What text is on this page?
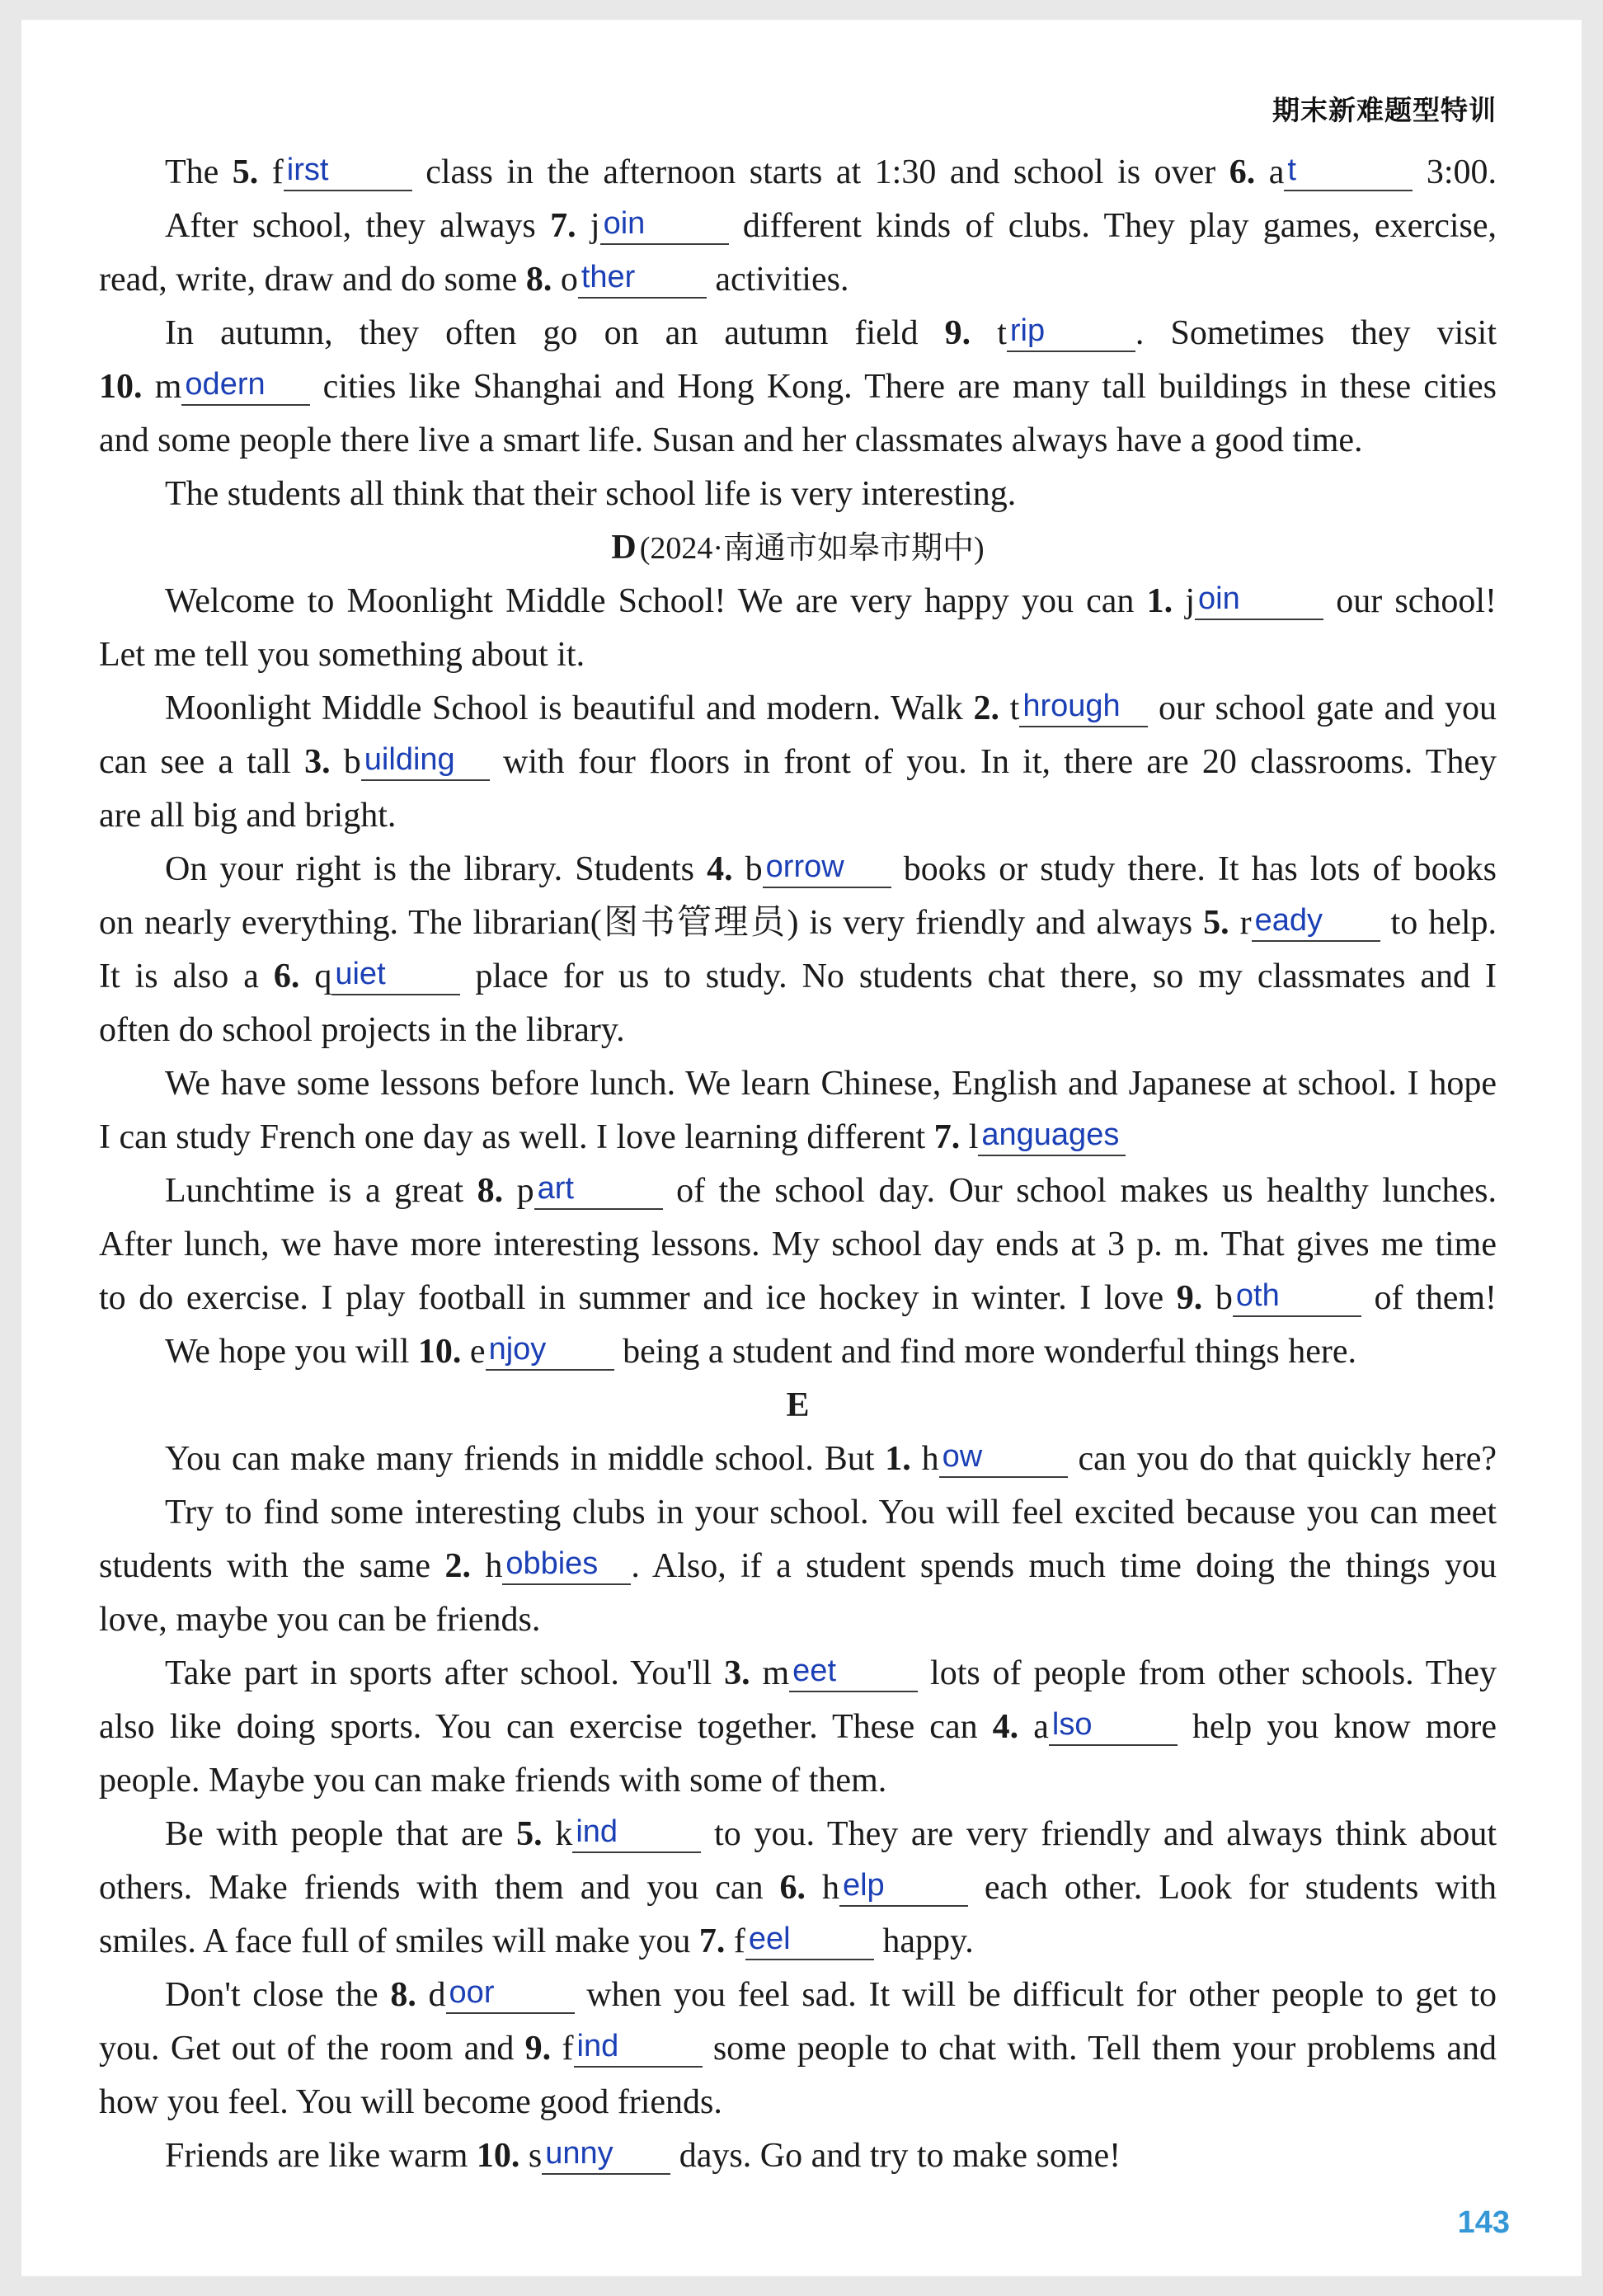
期末新难题型特训
The 5. f irst class in the afternoon starts at 1:30 and school is over 6. a t	3:00.
After school, they always 7. j oin different kinds of clubs. They play games, exercise,
read, write, draw and do some 8. o ther activities.
In autumn, they often go on an autumn field 9. t rip	. Sometimes they visit
10. m odern cities like Shanghai and Hong Kong. There are many tall buildings in these cities
and some people there live a smart life. Susan and her classmates always have a good time.
The students all think that their school life is very interesting.
D (2024·南通市如皋市期中)
Welcome to Moonlight Middle School! We are very happy you can 1. j oin our school!
Let me tell you something about it.
Moonlight Middle School is beautiful and modern. Walk 2. t hrough our school gate and you
can see a tall 3. b uilding with four floors in front of you. In it, there are 20 classrooms. They
are all big and bright.
On your right is the library. Students 4. b orrow books or study there. It has lots of books
on nearly everything. The librarian(图书管理员) is very friendly and always 5. r eady to help.
It is also a 6. q uiet place for us to study. No students chat there, so my classmates and I
often do school projects in the library.
We have some lessons before lunch. We learn Chinese, English and Japanese at school. I hope
I can study French one day as well. I love learning different 7. l anguages
Lunchtime is a great 8. p art	of the school day. Our school makes us healthy lunches.
After lunch, we have more interesting lessons. My school day ends at 3 p. m. That gives me time
to do exercise. I play football in summer and ice hockey in winter. I love 9. b oth of them!
We hope you will 10. e njoy being a student and find more wonderful things here.
E
You can make many friends in middle school. But 1. h ow can you do that quickly here?
Try to find some interesting clubs in your school. You will feel excited because you can meet
students with the same 2. h obbies . Also, if a student spends much time doing the things you
love, maybe you can be friends.
Take part in sports after school. You'll 3. m eet lots of people from other schools. They
also like doing sports. You can exercise together. These can 4. a lso help you know more
people. Maybe you can make friends with some of them.
Be with people that are 5. k ind to you. They are very friendly and always think about
others. Make friends with them and you can 6. h elp each other. Look for students with
smiles. A face full of smiles will make you 7. f eel happy.
Don't close the 8. d oor when you feel sad. It will be difficult for other people to get to
you. Get out of the room and 9. f ind some people to chat with. Tell them your problems and
how you feel. You will become good friends.
Friends are like warm 10. s unny days. Go and try to make some!
143
